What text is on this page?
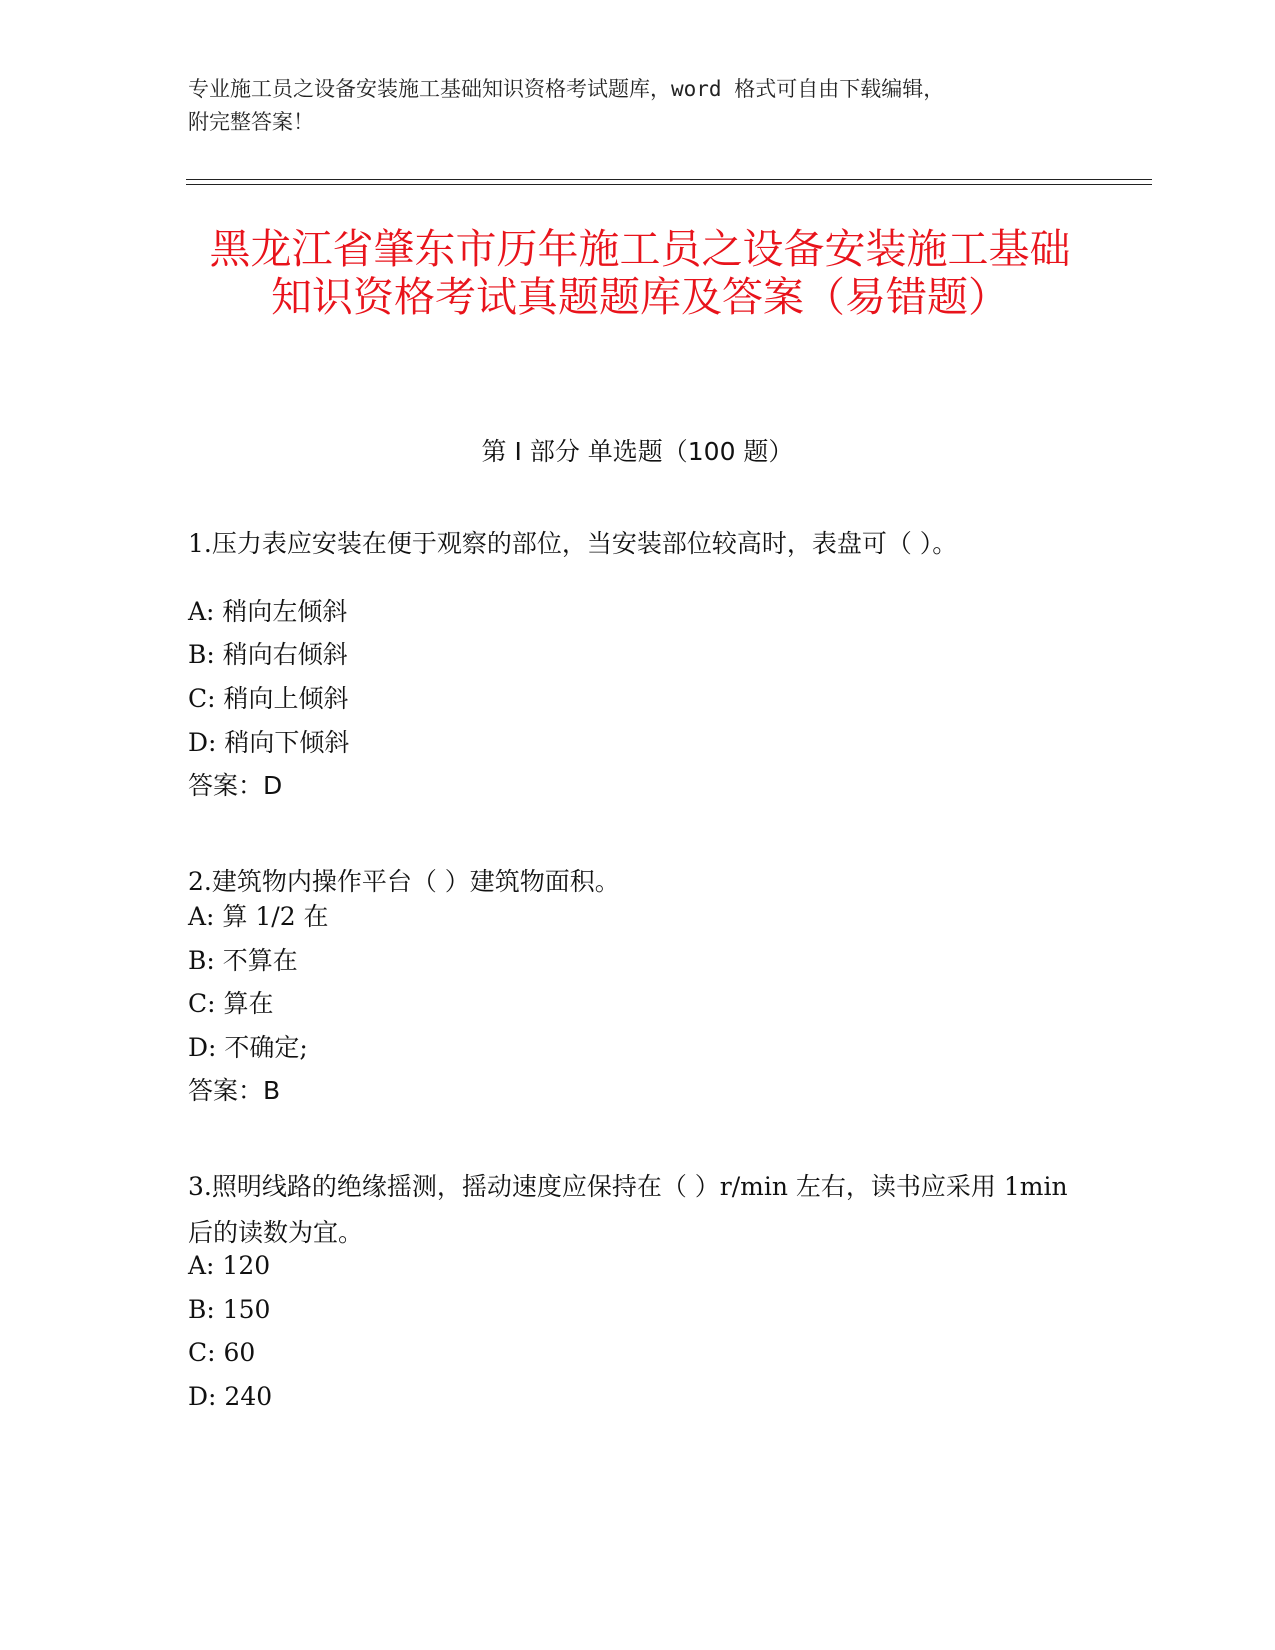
专业施工员之设备安装施工基础知识资格考试题库，word 格式可自由下载编辑，
附完整答案！
黑龙江省肇东市历年施工员之设备安装施工基础知识资格考试真题题库及答案（易错题）
第 I 部分 单选题（100 题）
1.压力表应安装在便于观察的部位，当安装部位较高时，表盘可（ ）。
A: 稍向左倾斜
B: 稍向右倾斜
C: 稍向上倾斜
D: 稍向下倾斜
答案：D
2.建筑物内操作平台（ ）建筑物面积。
A: 算 1/2 在
B: 不算在
C: 算在
D: 不确定;
答案：B
3.照明线路的绝缘摇测，摇动速度应保持在（ ）r/min 左右，读书应采用 1min 后的读数为宜。
A: 120
B: 150
C: 60
D: 240
